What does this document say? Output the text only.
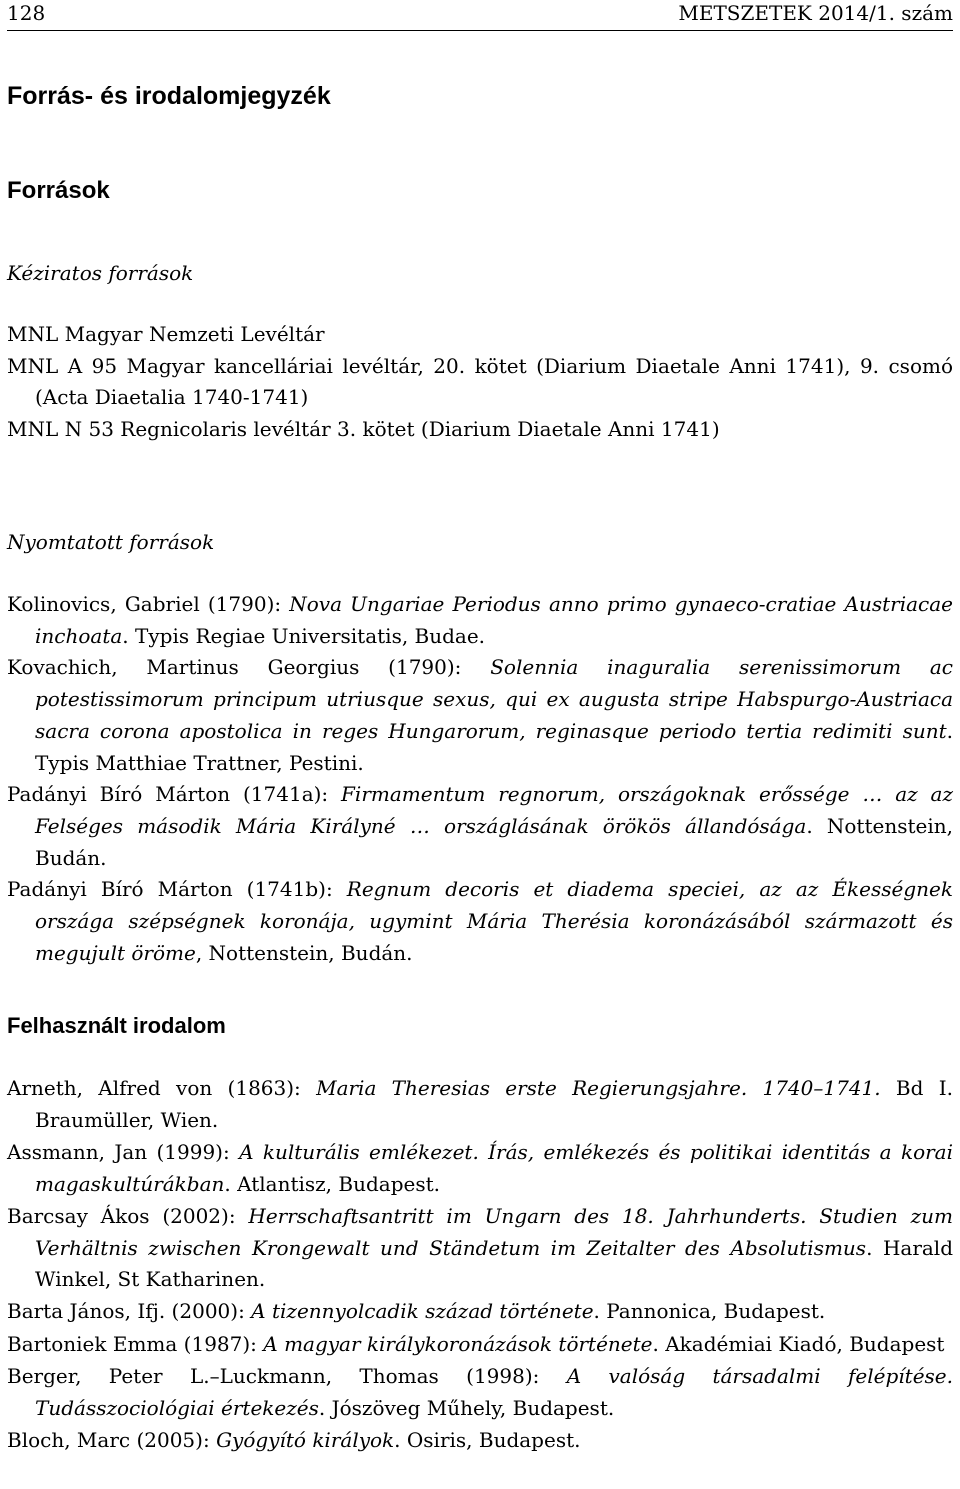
128	METSZETEK 2014/1. szám
Forrás- és irodalomjegyzék
Források
Kéziratos források

MNL Magyar Nemzeti Levéltár

MNL A 95 Magyar kancelláriai levéltár, 20. kötet (Diarium Diaetale Anni 1741), 9. csomó (Acta Diaetalia 1740-1741)

MNL N 53 Regnicolaris levéltár 3. kötet (Diarium Diaetale Anni 1741)

Nyomtatott források

Kolinovics, Gabriel (1790): Nova Ungariae Periodus anno primo gynaeco-cratiae Austriacae inchoata. Typis Regiae Universitatis, Budae.

Kovachich, Martinus Georgius (1790): Solennia inaguralia serenissimorum ac potestissimorum principum utriusque sexus, qui ex augusta stripe Habspurgo-Austriaca sacra corona apostolica in reges Hungarorum, reginasque periodo tertia redimiti sunt. Typis Matthiae Trattner, Pestini.

Padányi Bíró Márton (1741a): Firmamentum regnorum, országoknak erőssége … az az Felséges második Mária Királyné … országlásának örökös állandósága. Nottenstein, Budán.

Padányi Bíró Márton (1741b): Regnum decoris et diadema speciei, az az Ékességnek országa szépségnek koronája, ugymint Mária Therésia koronázásából származott és megujult öröme, Nottenstein, Budán.

Felhasznált irodalom

Arneth, Alfred von (1863): Maria Theresias erste Regierungsjahre. 1740–1741. Bd I. Braumüller, Wien.

Assmann, Jan (1999): A kulturális emlékezet. Írás, emlékezés és politikai identitás a korai magaskultúrákban. Atlantisz, Budapest.

Barcsay Ákos (2002): Herrschaftsantritt im Ungarn des 18. Jahrhunderts. Studien zum Verhältnis zwischen Krongewalt und Ständetum im Zeitalter des Absolutismus. Harald Winkel, St Katharinen.

Barta János, Ifj. (2000): A tizennyolcadik század története. Pannonica, Budapest.

Bartoniek Emma (1987): A magyar királykoronázások története. Akadémiai Kiadó, Budapest

Berger, Peter L.–Luckmann, Thomas (1998): A valóság társadalmi felépítése. Tudásszociológiai értekezés. Jószöveg Műhely, Budapest.

Bloch, Marc (2005): Gyógyító királyok. Osiris, Budapest.
